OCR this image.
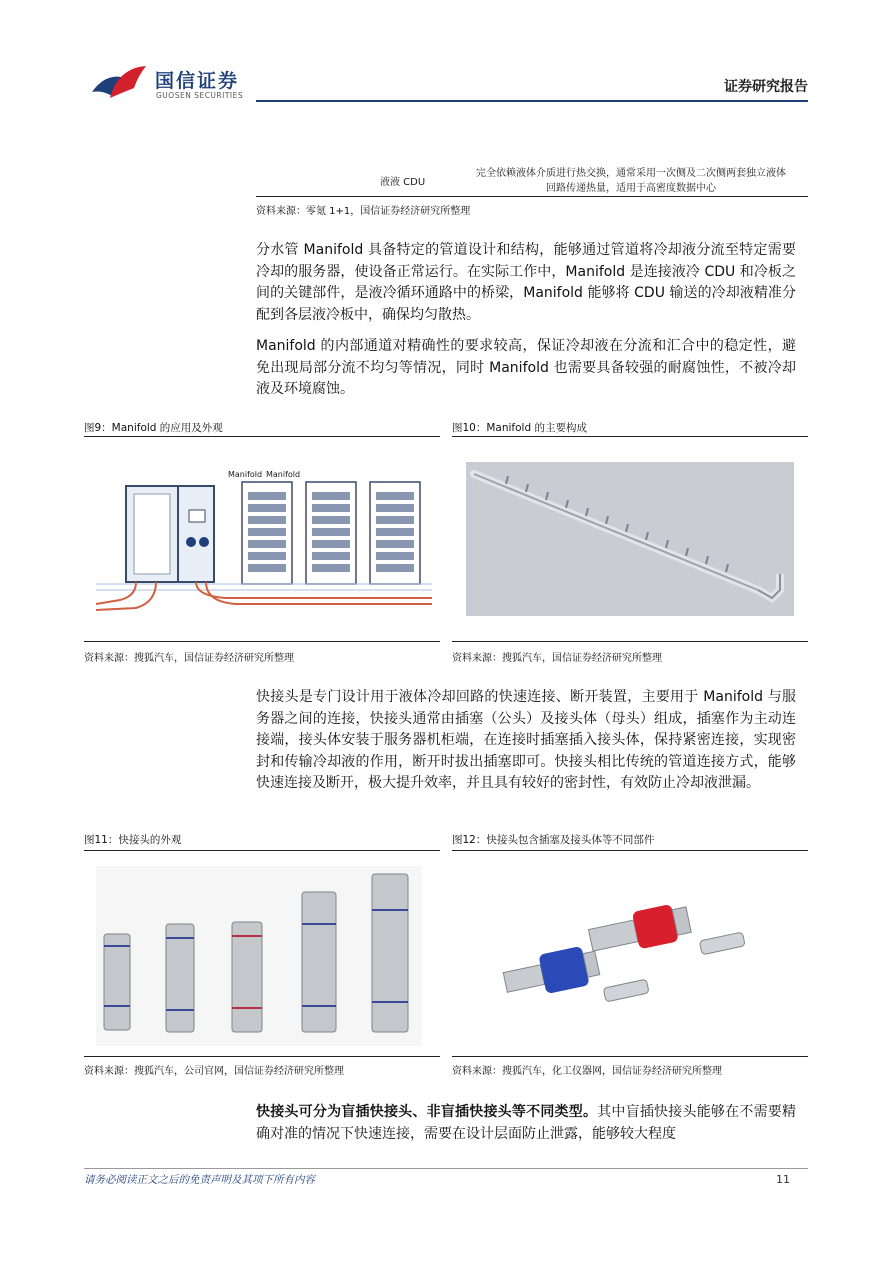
国信证券
GUOSEN SECURITIES
证券研究报告
液液 CDU
完全依赖液体介质进行热交换，通常采用一次侧及二次侧两套独立液体
回路传递热量，适用于高密度数据中心
资料来源：零氪 1+1，国信证券经济研究所整理
分水管 Manifold 具备特定的管道设计和结构，能够通过管道将冷却液分流至特定需要冷却的服务器，使设备正常运行。在实际工作中，Manifold 是连接液冷 CDU 和冷板之间的关键部件，是液冷循环通路中的桥梁，Manifold 能够将 CDU 输送的冷却液精准分配到各层液冷板中，确保均匀散热。
Manifold 的内部通道对精确性的要求较高，保证冷却液在分流和汇合中的稳定性，避免出现局部分流不均匀等情况，同时 Manifold 也需要具备较强的耐腐蚀性，不被冷却液及环境腐蚀。
图9：Manifold 的应用及外观
Manifold Manifold
资料来源：搜狐汽车，国信证券经济研究所整理
图10：Manifold 的主要构成
资料来源：搜狐汽车，国信证券经济研究所整理
快接头是专门设计用于液体冷却回路的快速连接、断开装置，主要用于 Manifold 与服务器之间的连接，快接头通常由插塞（公头）及接头体（母头）组成，插塞作为主动连接端，接头体安装于服务器机柜端，在连接时插塞插入接头体，保持紧密连接，实现密封和传输冷却液的作用，断开时拔出插塞即可。快接头相比传统的管道连接方式，能够快速连接及断开，极大提升效率，并且具有较好的密封性，有效防止冷却液泄漏。
图11：快接头的外观
资料来源：搜狐汽车，公司官网，国信证券经济研究所整理
图12：快接头包含插塞及接头体等不同部件
资料来源：搜狐汽车，化工仪器网，国信证券经济研究所整理
快接头可分为盲插快接头、非盲插快接头等不同类型。其中盲插快接头能够在不需要精确对准的情况下快速连接，需要在设计层面防止泄露，能够较大程度
请务必阅读正文之后的免责声明及其项下所有内容	11
